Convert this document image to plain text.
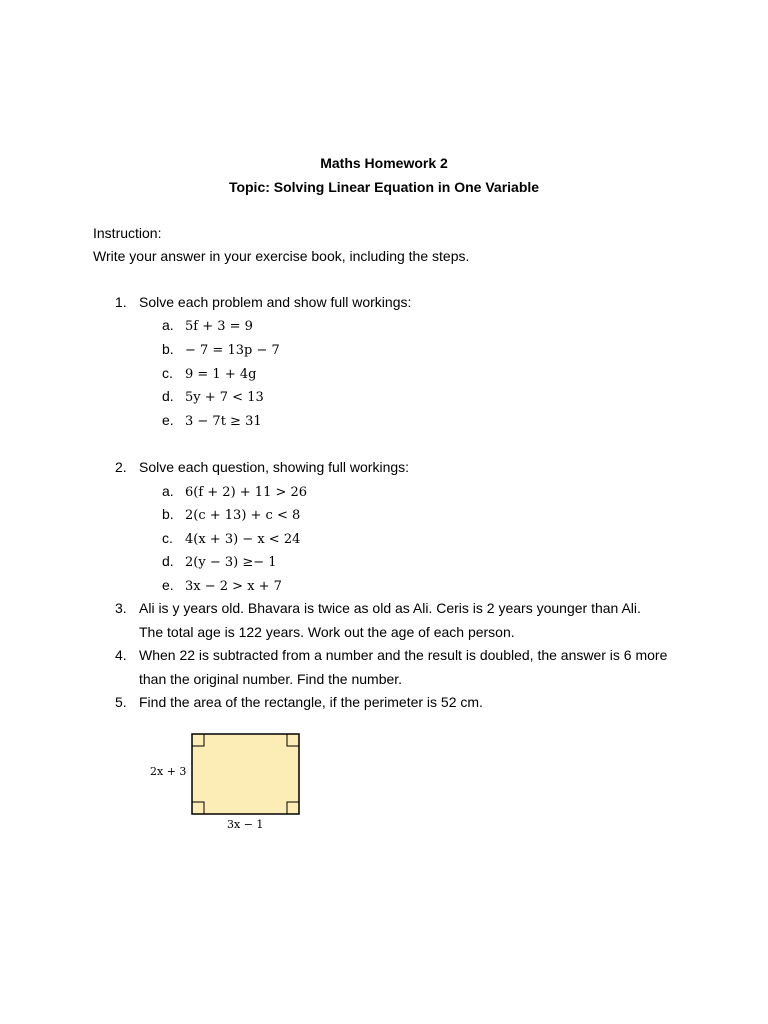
Maths Homework 2
Topic: Solving Linear Equation in One Variable
Instruction:
Write your answer in your exercise book, including the steps.
1. Solve each problem and show full workings:
a. 5f + 3 = 9
b. − 7 = 13p − 7
c. 9 = 1 + 4g
d. 5y + 7 < 13
e. 3 − 7t ≥ 31
2. Solve each question, showing full workings:
a. 6(f + 2) + 11 > 26
b. 2(c + 13) + c < 8
c. 4(x + 3) − x < 24
d. 2(y − 3) ≥− 1
e. 3x − 2 > x + 7
3. Ali is y years old. Bhavara is twice as old as Ali. Ceris is 2 years younger than Ali.
The total age is 122 years. Work out the age of each person.
4. When 22 is subtracted from a number and the result is doubled, the answer is 6 more
than the original number. Find the number.
5. Find the area of the rectangle, if the perimeter is 52 cm.
2x + 3
3x − 1
